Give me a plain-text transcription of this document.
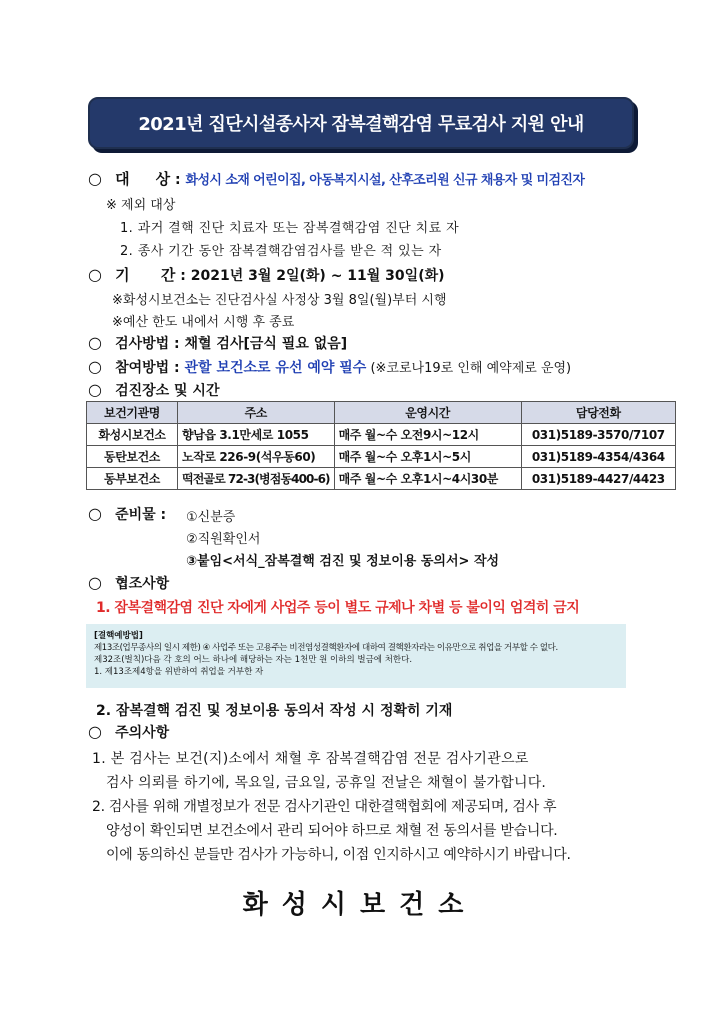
2021년 집단시설종사자 잠복결핵감염 무료검사 지원 안내
○ 대     상 : 화성시 소재 어린이집, 아동복지시설, 산후조리원 신규 채용자 및 미검진자
※ 제외 대상
1. 과거 결핵 진단 치료자 또는 잠복결핵감염 진단 치료 자
2. 종사 기간 동안 잠복결핵감염검사를 받은 적 있는 자
○ 기      간 : 2021년 3월 2일(화) ~ 11월 30일(화)
※화성시보건소는 진단검사실 사정상 3월 8일(월)부터 시행
※예산 한도 내에서 시행 후 종료
○ 검사방법 : 채혈 검사[금식 필요 없음]
○ 참여방법 : 관할 보건소로 유선 예약 필수 (※코로나19로 인해 예약제로 운영)
○ 검진장소 및 시간
보건기관명	주소	운영시간	담당전화
화성시보건소	향남읍 3.1만세로 1055	매주 월~수 오전9시~12시	031)5189-3570/7107
동탄보건소	노작로 226-9(석우동60)	매주 월~수 오후1시~5시	031)5189-4354/4364
동부보건소	떡전골로 72-3(병점동400-6)	매주 월~수 오후1시~4시30분	031)5189-4427/4423
○ 준비물 : ①신분증
②직원확인서
③붙임<서식_잠복결핵 검진 및 정보이용 동의서> 작성
○ 협조사항
1. 잠복결핵감염 진단 자에게 사업주 등이 별도 규제나 차별 등 불이익 엄격히 금지
[결핵예방법]
제13조(업무종사의 일시 제한) ④ 사업주 또는 고용주는 비전염성결핵환자에 대하여 결핵환자라는 이유만으로 취업을 거부할 수 없다.
제32조(벌칙)다음 각 호의 어느 하나에 해당하는 자는 1천만 원 이하의 벌금에 처한다.
1. 제13조제4항을 위반하여 취업을 거부한 자
2. 잠복결핵 검진 및 정보이용 동의서 작성 시 정확히 기재
○ 주의사항
1. 본 검사는 보건(지)소에서 채혈 후 잠복결핵감염 전문 검사기관으로
검사 의뢰를 하기에, 목요일, 금요일, 공휴일 전날은 채혈이 불가합니다.
2. 검사를 위해 개별정보가 전문 검사기관인 대한결핵협회에 제공되며, 검사 후
양성이 확인되면 보건소에서 관리 되어야 하므로 채혈 전 동의서를 받습니다.
이에 동의하신 분들만 검사가 가능하니, 이점 인지하시고 예약하시기 바랍니다.
화성시보건소
